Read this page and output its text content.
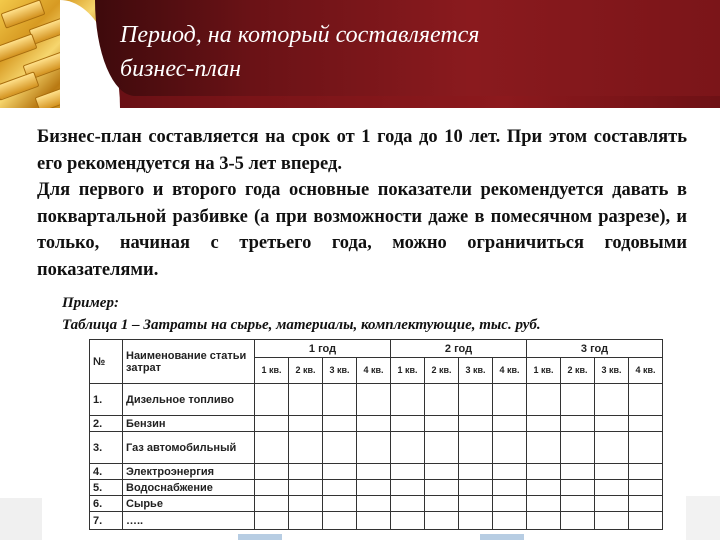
Период, на который составляется
бизнес-план

Бизнес-план составляется на срок от 1 года до 10 лет. При этом составлять его рекомендуется на 3-5 лет вперед.

Для первого и второго года основные показатели рекомендуется давать в поквартальной разбивке (а при возможности даже в помесячном разрезе), и только, начиная с третьего года, можно ограничиться годовыми показателями.

Пример:
Таблица 1 – Затраты на сырье, материалы, комплектующие, тыс. руб.
№	Наименование статьи затрат	1 год				2 год				3 год			
		1 кв.	2 кв.	3 кв.	4 кв.	1 кв.	2 кв.	3 кв.	4 кв.	1 кв.	2 кв.	3 кв.	4 кв.
1.	Дизельное топливо												
2.	Бензин												
3.	Газ автомобильный												
4.	Электроэнергия												
5.	Водоснабжение												
6.	Сырье												
7.	…..												
